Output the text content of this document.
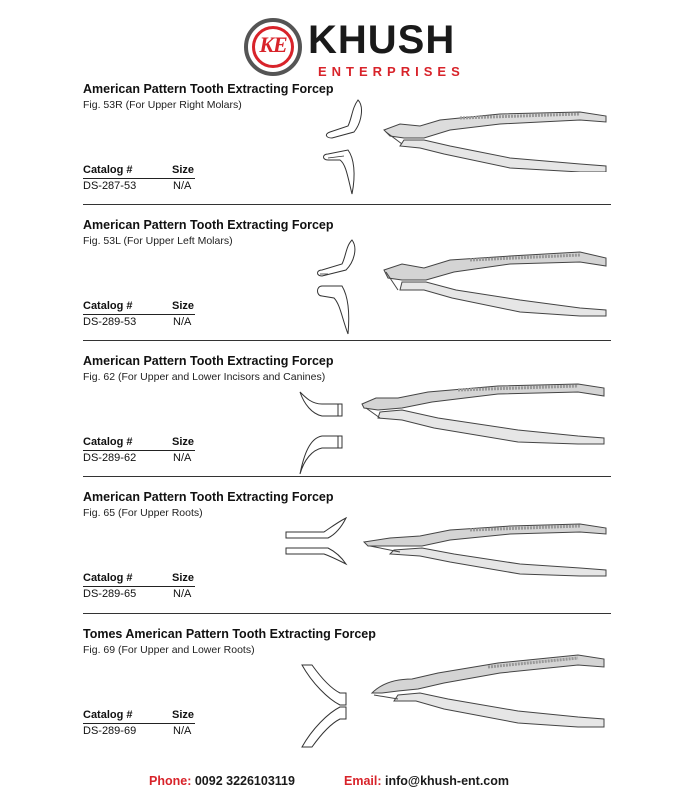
KE KHUSH
ENTERPRISES
American Pattern Tooth Extracting Forcep
Fig. 53R (For Upper Right Molars)
Catalog #	Size
DS-287-53	N/A
American Pattern Tooth Extracting Forcep
Fig. 53L (For Upper Left Molars)
Catalog #	Size
DS-289-53	N/A
American Pattern Tooth Extracting Forcep
Fig. 62 (For Upper and Lower Incisors and Canines)
Catalog #	Size
DS-289-62	N/A
American Pattern Tooth Extracting Forcep
Fig. 65 (For Upper Roots)
Catalog #	Size
DS-289-65	N/A
Tomes American Pattern Tooth Extracting Forcep
Fig. 69 (For Upper and Lower Roots)
Catalog #	Size
DS-289-69	N/A
Phone: 0092 3226103119	Email: info@khush-ent.com
